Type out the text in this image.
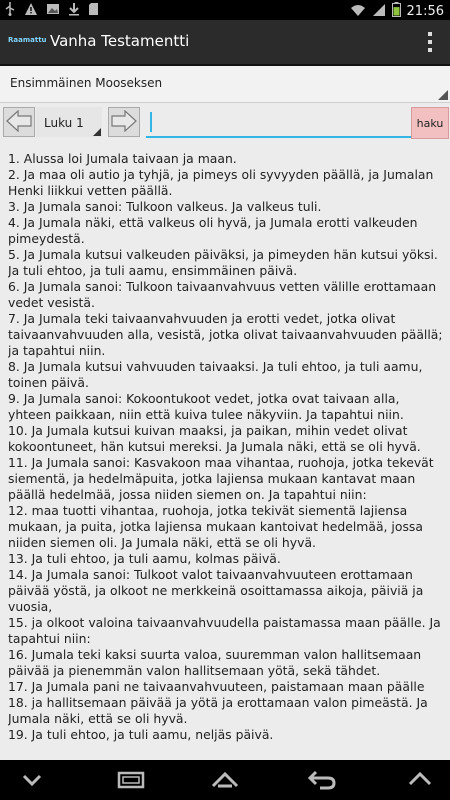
21:56
Raamattu Vanha Testamentti
Ensimmäinen Mooseksen
Luku 1	haku

1. Alussa loi Jumala taivaan ja maan.

2. Ja maa oli autio ja tyhjä, ja pimeys oli syvyyden päällä, ja Jumalan Henki liikkui vetten päällä.

3. Ja Jumala sanoi: Tulkoon valkeus. Ja valkeus tuli.

4. Ja Jumala näki, että valkeus oli hyvä, ja Jumala erotti valkeuden pimeydestä.

5. Ja Jumala kutsui valkeuden päiväksi, ja pimeyden hän kutsui yöksi. Ja tuli ehtoo, ja tuli aamu, ensimmäinen päivä.

6. Ja Jumala sanoi: Tulkoon taivaanvahvuus vetten välille erottamaan vedet vesistä.

7. Ja Jumala teki taivaanvahvuuden ja erotti vedet, jotka olivat taivaanvahvuuden alla, vesistä, jotka olivat taivaanvahvuuden päällä; ja tapahtui niin.

8. Ja Jumala kutsui vahvuuden taivaaksi. Ja tuli ehtoo, ja tuli aamu, toinen päivä.

9. Ja Jumala sanoi: Kokoontukoot vedet, jotka ovat taivaan alla, yhteen paikkaan, niin että kuiva tulee näkyviin. Ja tapahtui niin.

10. Ja Jumala kutsui kuivan maaksi, ja paikan, mihin vedet olivat kokoontuneet, hän kutsui mereksi. Ja Jumala näki, että se oli hyvä.

11. Ja Jumala sanoi: Kasvakoon maa vihantaa, ruohoja, jotka tekevät siementä, ja hedelmäpuita, jotka lajiensa mukaan kantavat maan päällä hedelmää, jossa niiden siemen on. Ja tapahtui niin:

12. maa tuotti vihantaa, ruohoja, jotka tekivät siementä lajiensa mukaan, ja puita, jotka lajiensa mukaan kantoivat hedelmää, jossa niiden siemen oli. Ja Jumala näki, että se oli hyvä.

13. Ja tuli ehtoo, ja tuli aamu, kolmas päivä.

14. Ja Jumala sanoi: Tulkoot valot taivaanvahvuuteen erottamaan päivää yöstä, ja olkoot ne merkkeinä osoittamassa aikoja, päiviä ja vuosia,

15. ja olkoot valoina taivaanvahvuudella paistamassa maan päälle. Ja tapahtui niin:

16. Jumala teki kaksi suurta valoa, suuremman valon hallitsemaan päivää ja pienemmän valon hallitsemaan yötä, sekä tähdet.

17. Ja Jumala pani ne taivaanvahvuuteen, paistamaan maan päälle

18. ja hallitsemaan päivää ja yötä ja erottamaan valon pimeästä. Ja Jumala näki, että se oli hyvä.

19. Ja tuli ehtoo, ja tuli aamu, neljäs päivä.
